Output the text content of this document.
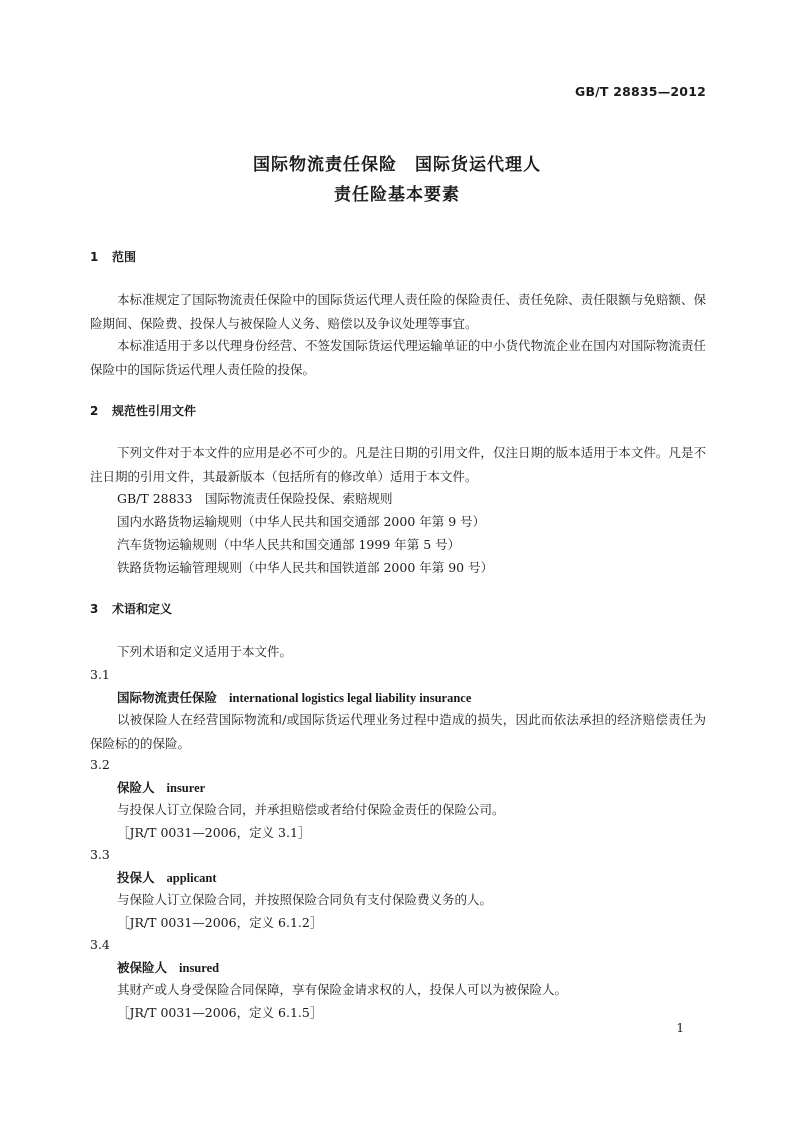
GB/T 28835—2012
国际物流责任保险　国际货运代理人
责任险基本要素
1 范围

本标准规定了国际物流责任保险中的国际货运代理人责任险的保险责任、责任免除、责任限额与免赔额、保险期间、保险费、投保人与被保险人义务、赔偿以及争议处理等事宜。

本标准适用于多以代理身份经营、不签发国际货运代理运输单证的中小货代物流企业在国内对国际物流责任保险中的国际货运代理人责任险的投保。

2 规范性引用文件

下列文件对于本文件的应用是必不可少的。凡是注日期的引用文件，仅注日期的版本适用于本文件。凡是不注日期的引用文件，其最新版本（包括所有的修改单）适用于本文件。

GB/T 28833　国际物流责任保险投保、索赔规则
国内水路货物运输规则（中华人民共和国交通部 2000 年第 9 号）
汽车货物运输规则（中华人民共和国交通部 1999 年第 5 号）
铁路货物运输管理规则（中华人民共和国铁道部 2000 年第 90 号）
3 术语和定义
下列术语和定义适用于本文件。
3.1
国际物流责任保险 international logistics legal liability insurance

以被保险人在经营国际物流和/或国际货运代理业务过程中造成的损失，因此而依法承担的经济赔偿责任为保险标的的保险。

3.2
保险人 insurer
与投保人订立保险合同，并承担赔偿或者给付保险金责任的保险公司。
［JR/T 0031—2006，定义 3.1］
3.3
投保人 applicant
与保险人订立保险合同，并按照保险合同负有支付保险费义务的人。
［JR/T 0031—2006，定义 6.1.2］
3.4
被保险人 insured
其财产或人身受保险合同保障，享有保险金请求权的人，投保人可以为被保险人。
［JR/T 0031—2006，定义 6.1.5］
1
